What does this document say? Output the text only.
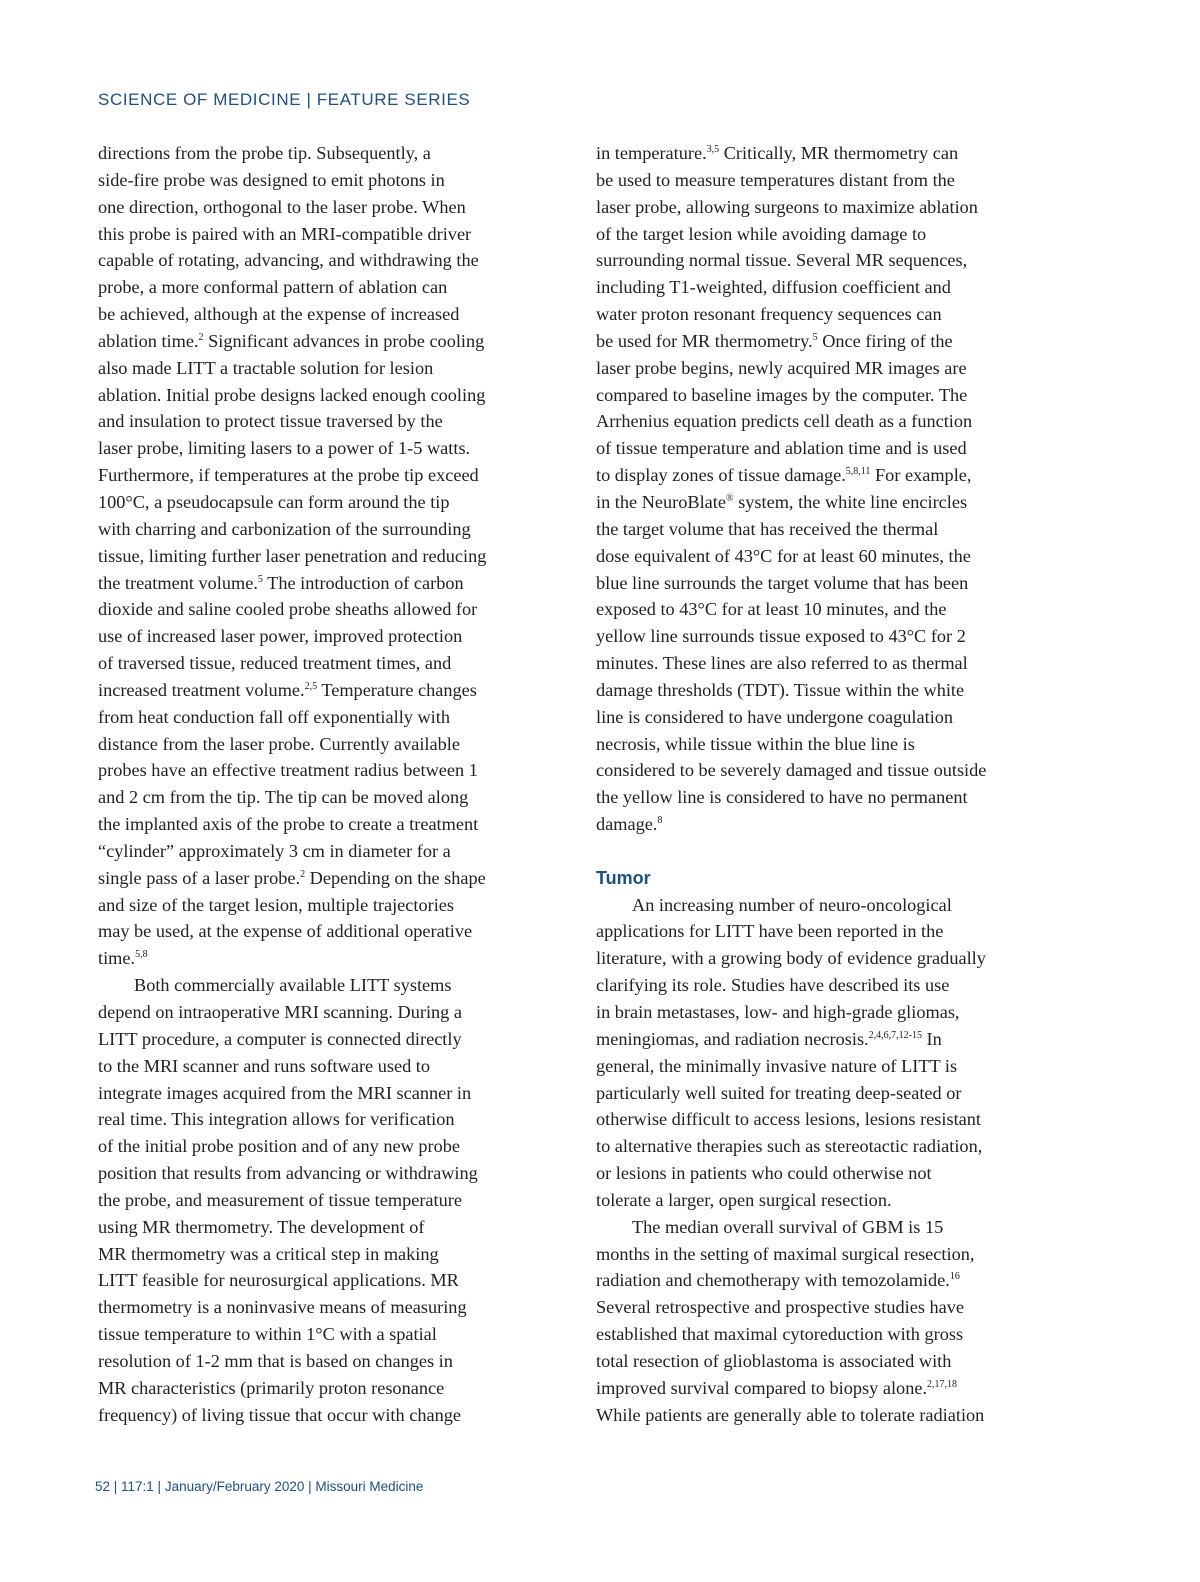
SCIENCE OF MEDICINE | FEATURE SERIES
directions from the probe tip. Subsequently, a
side-fire probe was designed to emit photons in
one direction, orthogonal to the laser probe. When
this probe is paired with an MRI-compatible driver
capable of rotating, advancing, and withdrawing the
probe, a more conformal pattern of ablation can
be achieved, although at the expense of increased
ablation time.$^2$ Significant advances in probe cooling
also made LITT a tractable solution for lesion
ablation. Initial probe designs lacked enough cooling
and insulation to protect tissue traversed by the
laser probe, limiting lasers to a power of 1-5 watts.
Furthermore, if temperatures at the probe tip exceed
100°C, a pseudocapsule can form around the tip
with charring and carbonization of the surrounding
tissue, limiting further laser penetration and reducing
the treatment volume.$^5$ The introduction of carbon
dioxide and saline cooled probe sheaths allowed for
use of increased laser power, improved protection
of traversed tissue, reduced treatment times, and
increased treatment volume.$^{2,5}$ Temperature changes
from heat conduction fall off exponentially with
distance from the laser probe. Currently available
probes have an effective treatment radius between 1
and 2 cm from the tip. The tip can be moved along
the implanted axis of the probe to create a treatment
“cylinder” approximately 3 cm in diameter for a
single pass of a laser probe.$^2$ Depending on the shape
and size of the target lesion, multiple trajectories
may be used, at the expense of additional operative
time.$^{5,8}$
Both commercially available LITT systems
depend on intraoperative MRI scanning. During a
LITT procedure, a computer is connected directly
to the MRI scanner and runs software used to
integrate images acquired from the MRI scanner in
real time. This integration allows for verification
of the initial probe position and of any new probe
position that results from advancing or withdrawing
the probe, and measurement of tissue temperature
using MR thermometry. The development of
MR thermometry was a critical step in making
LITT feasible for neurosurgical applications. MR
thermometry is a noninvasive means of measuring
tissue temperature to within 1°C with a spatial
resolution of 1-2 mm that is based on changes in
MR characteristics (primarily proton resonance
frequency) of living tissue that occur with change
in temperature.$^{3,5}$ Critically, MR thermometry can
be used to measure temperatures distant from the
laser probe, allowing surgeons to maximize ablation
of the target lesion while avoiding damage to
surrounding normal tissue. Several MR sequences,
including T1-weighted, diffusion coefficient and
water proton resonant frequency sequences can
be used for MR thermometry.$^5$ Once firing of the
laser probe begins, newly acquired MR images are
compared to baseline images by the computer. The
Arrhenius equation predicts cell death as a function
of tissue temperature and ablation time and is used
to display zones of tissue damage.$^{5,8,11}$ For example,
in the NeuroBlate® system, the white line encircles
the target volume that has received the thermal
dose equivalent of 43°C for at least 60 minutes, the
blue line surrounds the target volume that has been
exposed to 43°C for at least 10 minutes, and the
yellow line surrounds tissue exposed to 43°C for 2
minutes. These lines are also referred to as thermal
damage thresholds (TDT). Tissue within the white
line is considered to have undergone coagulation
necrosis, while tissue within the blue line is
considered to be severely damaged and tissue outside
the yellow line is considered to have no permanent
damage.$^8$
Tumor
An increasing number of neuro-oncological
applications for LITT have been reported in the
literature, with a growing body of evidence gradually
clarifying its role. Studies have described its use
in brain metastases, low- and high-grade gliomas,
meningiomas, and radiation necrosis.$^{2,4,6,7,12-15}$ In
general, the minimally invasive nature of LITT is
particularly well suited for treating deep-seated or
otherwise difficult to access lesions, lesions resistant
to alternative therapies such as stereotactic radiation,
or lesions in patients who could otherwise not
tolerate a larger, open surgical resection.
The median overall survival of GBM is 15
months in the setting of maximal surgical resection,
radiation and chemotherapy with temozolamide.$^{16}$
Several retrospective and prospective studies have
established that maximal cytoreduction with gross
total resection of glioblastoma is associated with
improved survival compared to biopsy alone.$^{2,17,18}$
While patients are generally able to tolerate radiation
52 | 117:1 | January/February 2020 | Missouri Medicine
